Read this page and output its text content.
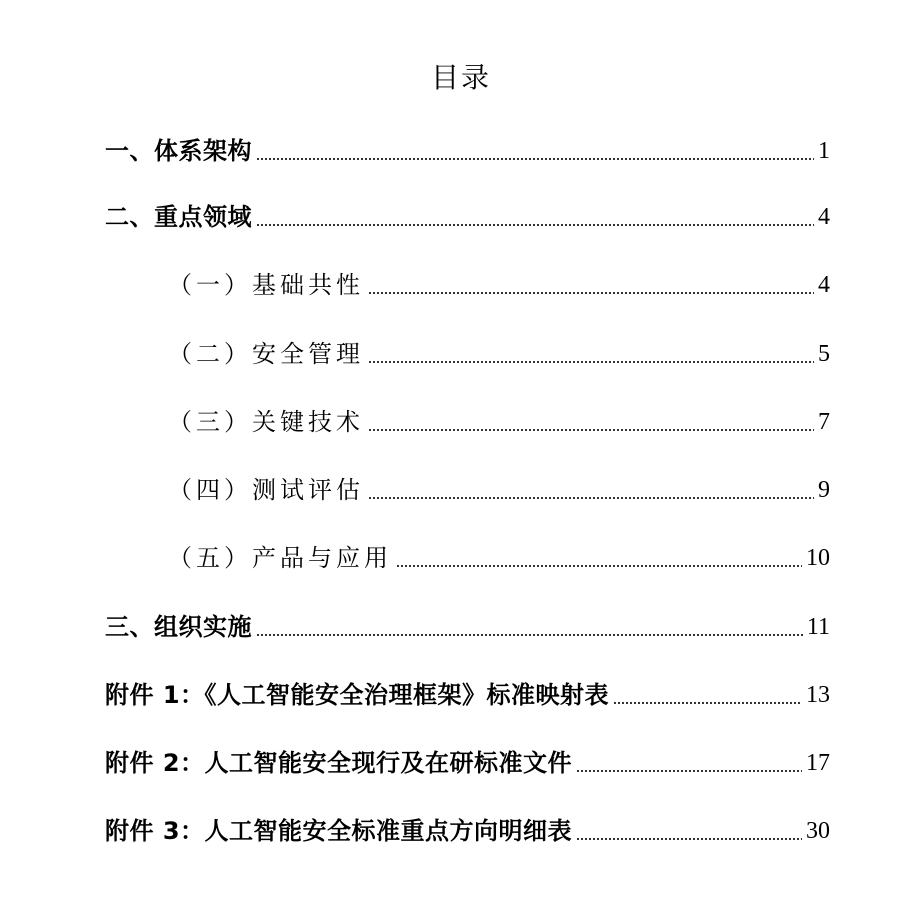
目录
一、体系架构	1
二、重点领域	4
（一）基础共性	4
（二）安全管理	5
（三）关键技术	7
（四）测试评估	9
（五）产品与应用	10
三、组织实施	11
附件 1：《人工智能安全治理框架》标准映射表	13
附件 2：人工智能安全现行及在研标准文件	17
附件 3：人工智能安全标准重点方向明细表	30
